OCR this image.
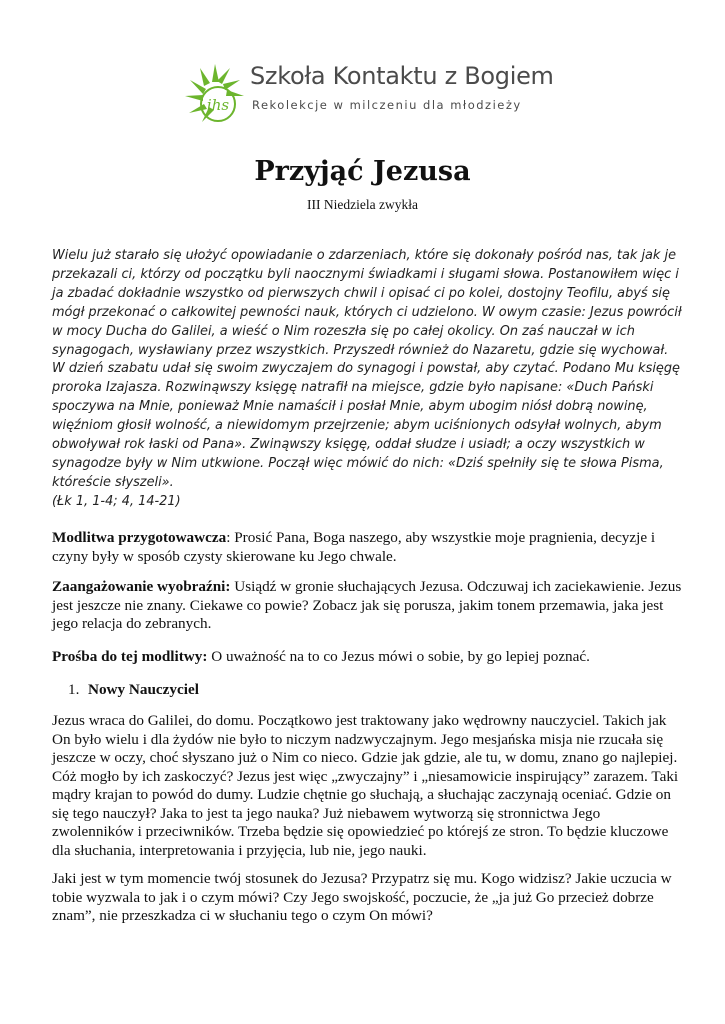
ihs
Szkoła Kontaktu z Bogiem
Rekolekcje w milczeniu dla młodzieży
Przyjąć Jezusa

III Niedziela zwykła

Wielu już starało się ułożyć opowiadanie o zdarzeniach, które się dokonały pośród nas, tak jak je przekazali ci, którzy od początku byli naocznymi świadkami i sługami słowa. Postanowiłem więc i ja zbadać dokładnie wszystko od pierwszych chwil i opisać ci po kolei, dostojny Teofilu, abyś się mógł przekonać o całkowitej pewności nauk, których ci udzielono. W owym czasie: Jezus powrócił w mocy Ducha do Galilei, a wieść o Nim rozeszła się po całej okolicy. On zaś nauczał w ich synagogach, wysławiany przez wszystkich. Przyszedł również do Nazaretu, gdzie się wychował. W dzień szabatu udał się swoim zwyczajem do synagogi i powstał, aby czytać. Podano Mu księgę proroka Izajasza. Rozwinąwszy księgę natrafił na miejsce, gdzie było napisane: «Duch Pański spoczywa na Mnie, ponieważ Mnie namaścił i posłał Mnie, abym ubogim niósł dobrą nowinę, więźniom głosił wolność, a niewidomym przejrzenie; abym uciśnionych odsyłał wolnych, abym obwoływał rok łaski od Pana». Zwinąwszy księgę, oddał słudze i usiadł; a oczy wszystkich w synagodze były w Nim utkwione. Począł więc mówić do nich: «Dziś spełniły się te słowa Pisma, któreście słyszeli».
(Łk 1, 1-4; 4, 14-21)

Modlitwa przygotowawcza: Prosić Pana, Boga naszego, aby wszystkie moje pragnienia, decyzje i czyny były w sposób czysty skierowane ku Jego chwale.

Zaangażowanie wyobraźni: Usiądź w gronie słuchających Jezusa. Odczuwaj ich zaciekawienie. Jezus jest jeszcze nie znany. Ciekawe co powie? Zobacz jak się porusza, jakim tonem przemawia, jaka jest jego relacja do zebranych.

Prośba do tej modlitwy: O uważność na to co Jezus mówi o sobie, by go lepiej poznać.

1. Nowy Nauczyciel

Jezus wraca do Galilei, do domu. Początkowo jest traktowany jako wędrowny nauczyciel. Takich jak On było wielu i dla żydów nie było to niczym nadzwyczajnym. Jego mesjańska misja nie rzucała się jeszcze w oczy, choć słyszano już o Nim co nieco. Gdzie jak gdzie, ale tu, w domu, znano go najlepiej. Cóż mogło by ich zaskoczyć? Jezus jest więc „zwyczajny” i „niesamowicie inspirujący” zarazem. Taki mądry krajan to powód do dumy. Ludzie chętnie go słuchają, a słuchając zaczynają oceniać. Gdzie on się tego nauczył? Jaka to jest ta jego nauka? Już niebawem wytworzą się stronnictwa Jego zwolenników i przeciwników. Trzeba będzie się opowiedzieć po którejś ze stron. To będzie kluczowe dla słuchania, interpretowania i przyjęcia, lub nie, jego nauki.

Jaki jest w tym momencie twój stosunek do Jezusa? Przypatrz się mu. Kogo widzisz? Jakie uczucia w tobie wyzwala to jak i o czym mówi? Czy Jego swojskość, poczucie, że „ja już Go przecież dobrze znam”, nie przeszkadza ci w słuchaniu tego o czym On mówi?
